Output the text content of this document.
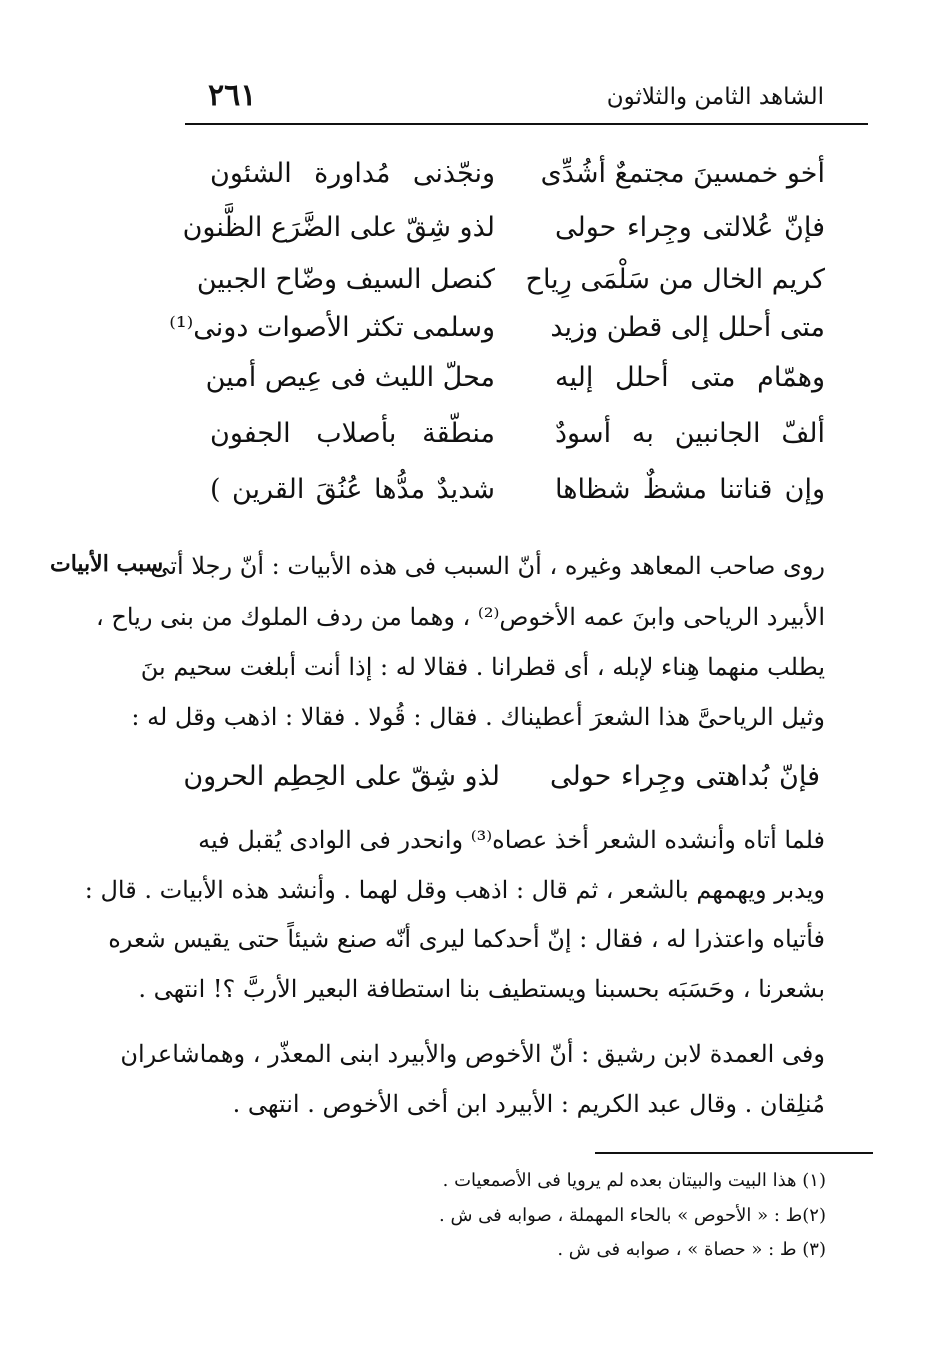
الشاهد الثامن والثلاثون
٢٦١
أخو خمسينَ مجتمعٌ أشُدِّى
ونجّذنى مُداورة الشئون
فإنّ عُلالتى وجِراء حولى
لذو شِقّ على الضَّرَع الظَّنون
كريم الخال من سَلْمَى رِياح
كنصل السيف وضّاح الجبين
متى أحلل إلى قطن وزيد
وسلمى تكثر الأصوات دونى⁽¹⁾
وهمّام متى أحلل إليه
محلّ الليث فى عِيص أمين
ألفّ الجانبين به أسودٌ
منطّقة بأصلاب الجفون
وإن قناتنا مشظٌ شظاها
شديدٌ مدُّها عُنُقَ القرين )
سبب الأبيات
روى صاحب المعاهد وغيره ، أنّ السبب فى هذه الأبيات : أنّ رجلا أتى
الأبيرد الرياحى وابنَ عمه الأخوص⁽²⁾ ، وهما من ردف الملوك من بنى رياح ،
يطلب منهما هِناء لإبله ، أى قطرانا . فقالا له : إذا أنت أبلغت سحيم بنَ
وثيل الرياحىَّ هذا الشعرَ أعطيناك . فقال : قُولا . فقالا : اذهب وقل له :
فإنّ بُداهتى وجِراء حولى
لذو شِقّ على الحِطِم الحرون
فلما أتاه وأنشده الشعر أخذ عصاه⁽³⁾ وانحدر فى الوادى يُقبل فيه
ويدبر ويهمهم بالشعر ، ثم قال : اذهب وقل لهما . وأنشد هذه الأبيات . قال :
فأتياه واعتذرا له ، فقال : إنّ أحدكما ليرى أنّه صنع شيئاً حتى يقيس شعره
بشعرنا ، وحَسَبَه بحسبنا ويستطيف بنا استطافة البعير الأربَّ ؟! انتهى .
وفى العمدة لابن رشيق : أنّ الأخوص والأبيرد ابنى المعذّر ، وهماشاعران
مُنلِقان . وقال عبد الكريم : الأبيرد ابن أخى الأخوص . انتهى .
(١) هذا البيت والبيتان بعده لم يرويا فى الأصمعيات .
(٢)ط : « الأحوص » بالحاء المهملة ، صوابه فى ش .
(٣) ط : « حصاة » ، صوابه فى ش .
